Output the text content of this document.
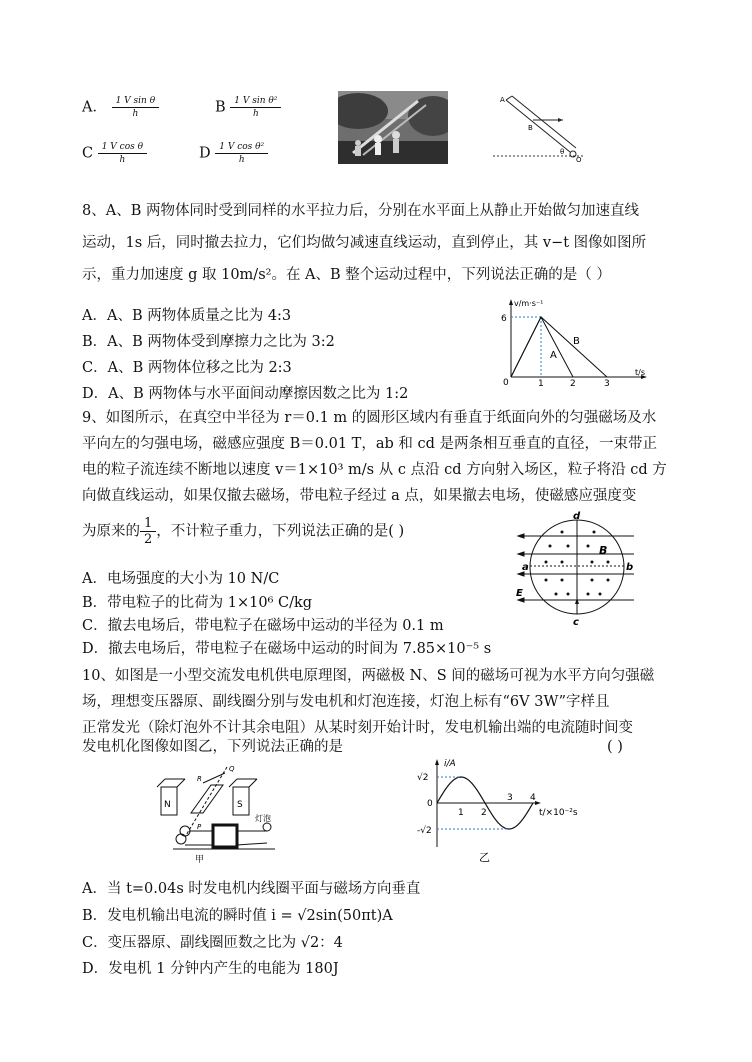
A． $\frac{\text{1 V sin θ}}{h}$	B $\frac{\text{1 V sin θ²}}{h}$
C $\frac{\text{1 V cos θ}}{h}$	D $\frac{\text{1 V cos θ²}}{h}$
A
B
θ
O
8、A、B 两物体同时受到同样的水平拉力后，分别在水平面上从静止开始做匀加速直线
运动，1s 后，同时撤去拉力，它们均做匀减速直线运动，直到停止，其 v−t 图像如图所
示，重力加速度 g 取 10m/s²。在 A、B 整个运动过程中，下列说法正确的是（ ）
A．A、B 两物体质量之比为 4:3
B．A、B 两物体受到摩擦力之比为 3:2
C．A、B 两物体位移之比为 2:3
D．A、B 两物体与水平面间动摩擦因数之比为 1:2
v/m·s⁻¹
6
0	1	2	3
t/s
A
B
9、如图所示，在真空中半径为 r＝0.1 m 的圆形区域内有垂直于纸面向外的匀强磁场及水
平向左的匀强电场，磁感应强度 B＝0.01 T，ab 和 cd 是两条相互垂直的直径，一束带正
电的粒子流连续不断地以速度 v＝1×10³ m/s 从 c 点沿 cd 方向射入场区，粒子将沿 cd 方
向做直线运动，如果仅撤去磁场，带电粒子经过 a 点，如果撤去电场，使磁感应强度变
为原来的 $\frac{1}{2}$ ，不计粒子重力，下列说法正确的是( )
A．电场强度的大小为 10 N/C
B．带电粒子的比荷为 1×10⁶ C/kg
C．撤去电场后，带电粒子在磁场中运动的半径为 0.1 m
D．撤去电场后，带电粒子在磁场中运动的时间为 7.85×10⁻⁵ s
d
a	b
c
B
E
10、如图是一小型交流发电机供电原理图，两磁极 N、S 间的磁场可视为水平方向匀强磁
场，理想变压器原、副线圈分别与发电机和灯泡连接，灯泡上标有“6V 3W”字样且
正常发光（除灯泡外不计其余电阻）从某时刻开始计时，发电机输出端的电流随时间变
发电机化图像如图乙，下列说法正确的是	( )
N	S
Q
R
P
灯泡
甲
i/A
√2
-√2
0
1 2
3 4
t/×10⁻²s
乙
A．当 t=0.04s 时发电机内线圈平面与磁场方向垂直
B．发电机输出电流的瞬时值 i = √2sin(50πt)A
C．变压器原、副线圈匝数之比为 √2：4
D．发电机 1 分钟内产生的电能为 180J
